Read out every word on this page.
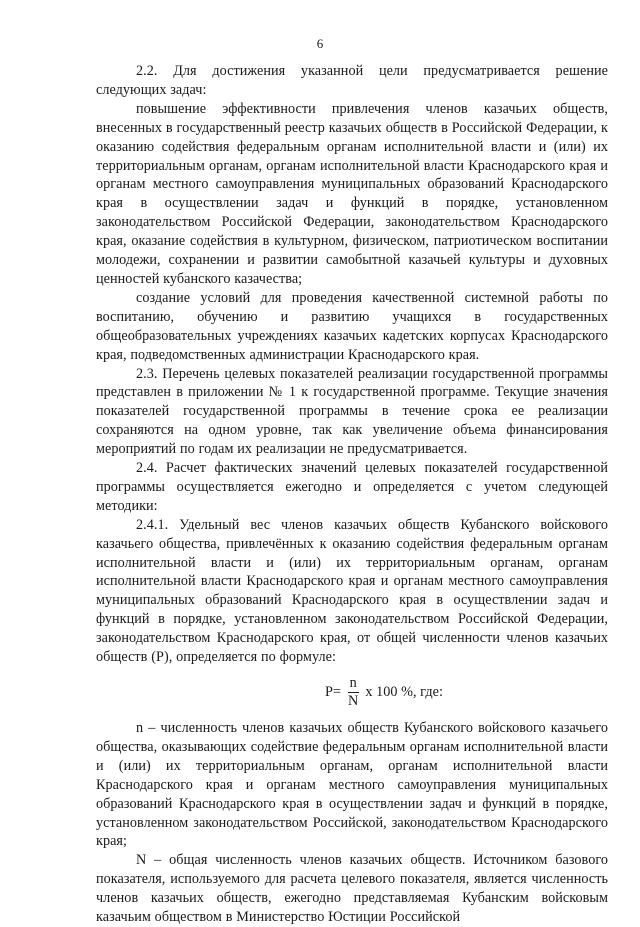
6

2.2. Для достижения указанной цели предусматривается решение следующих задач:

повышение эффективности привлечения членов казачьих обществ, внесенных в государственный реестр казачьих обществ в Российской Федерации, к оказанию содействия федеральным органам исполнительной власти и (или) их территориальным органам, органам исполнительной власти Краснодарского края и органам местного самоуправления муниципальных образований Краснодарского края в осуществлении задач и функций в порядке, установленном законодательством Российской Федерации, законодательством Краснодарского края, оказание содействия в культурном, физическом, патриотическом воспитании молодежи, сохранении и развитии самобытной казачьей культуры и духовных ценностей кубанского казачества;

создание условий для проведения качественной системной работы по воспитанию, обучению и развитию учащихся в государственных общеобразовательных учреждениях казачьих кадетских корпусах Краснодарского края, подведомственных администрации Краснодарского края.

2.3. Перечень целевых показателей реализации государственной программы представлен в приложении № 1 к государственной программе. Текущие значения показателей государственной программы в течение срока ее реализации сохраняются на одном уровне, так как увеличение объема финансирования мероприятий по годам их реализации не предусматривается.

2.4. Расчет фактических значений целевых показателей государственной программы осуществляется ежегодно и определяется с учетом следующей методики:

2.4.1. Удельный вес членов казачьих обществ Кубанского войскового казачьего общества, привлечённых к оказанию содействия федеральным органам исполнительной власти и (или) их территориальным органам, органам исполнительной власти Краснодарского края и органам местного самоуправления муниципальных образований Краснодарского края в осуществлении задач и функций в порядке, установленном законодательством Российской Федерации, законодательством Краснодарского края, от общей численности членов казачьих обществ (P), определяется по формуле:

$P= \frac{n}{N}$ х 100 %, где:

n – численность членов казачьих обществ Кубанского войскового казачьего общества, оказывающих содействие федеральным органам исполнительной власти и (или) их территориальным органам, органам исполнительной власти Краснодарского края и органам местного самоуправления муниципальных образований Краснодарского края в осуществлении задач и функций в порядке, установленном законодательством Российской, законодательством Краснодарского края;

N – общая численность членов казачьих обществ. Источником базового показателя, используемого для расчета целевого показателя, является численность членов казачьих обществ, ежегодно представляемая Кубанским войсковым казачьим обществом в Министерство Юстиции Российской
